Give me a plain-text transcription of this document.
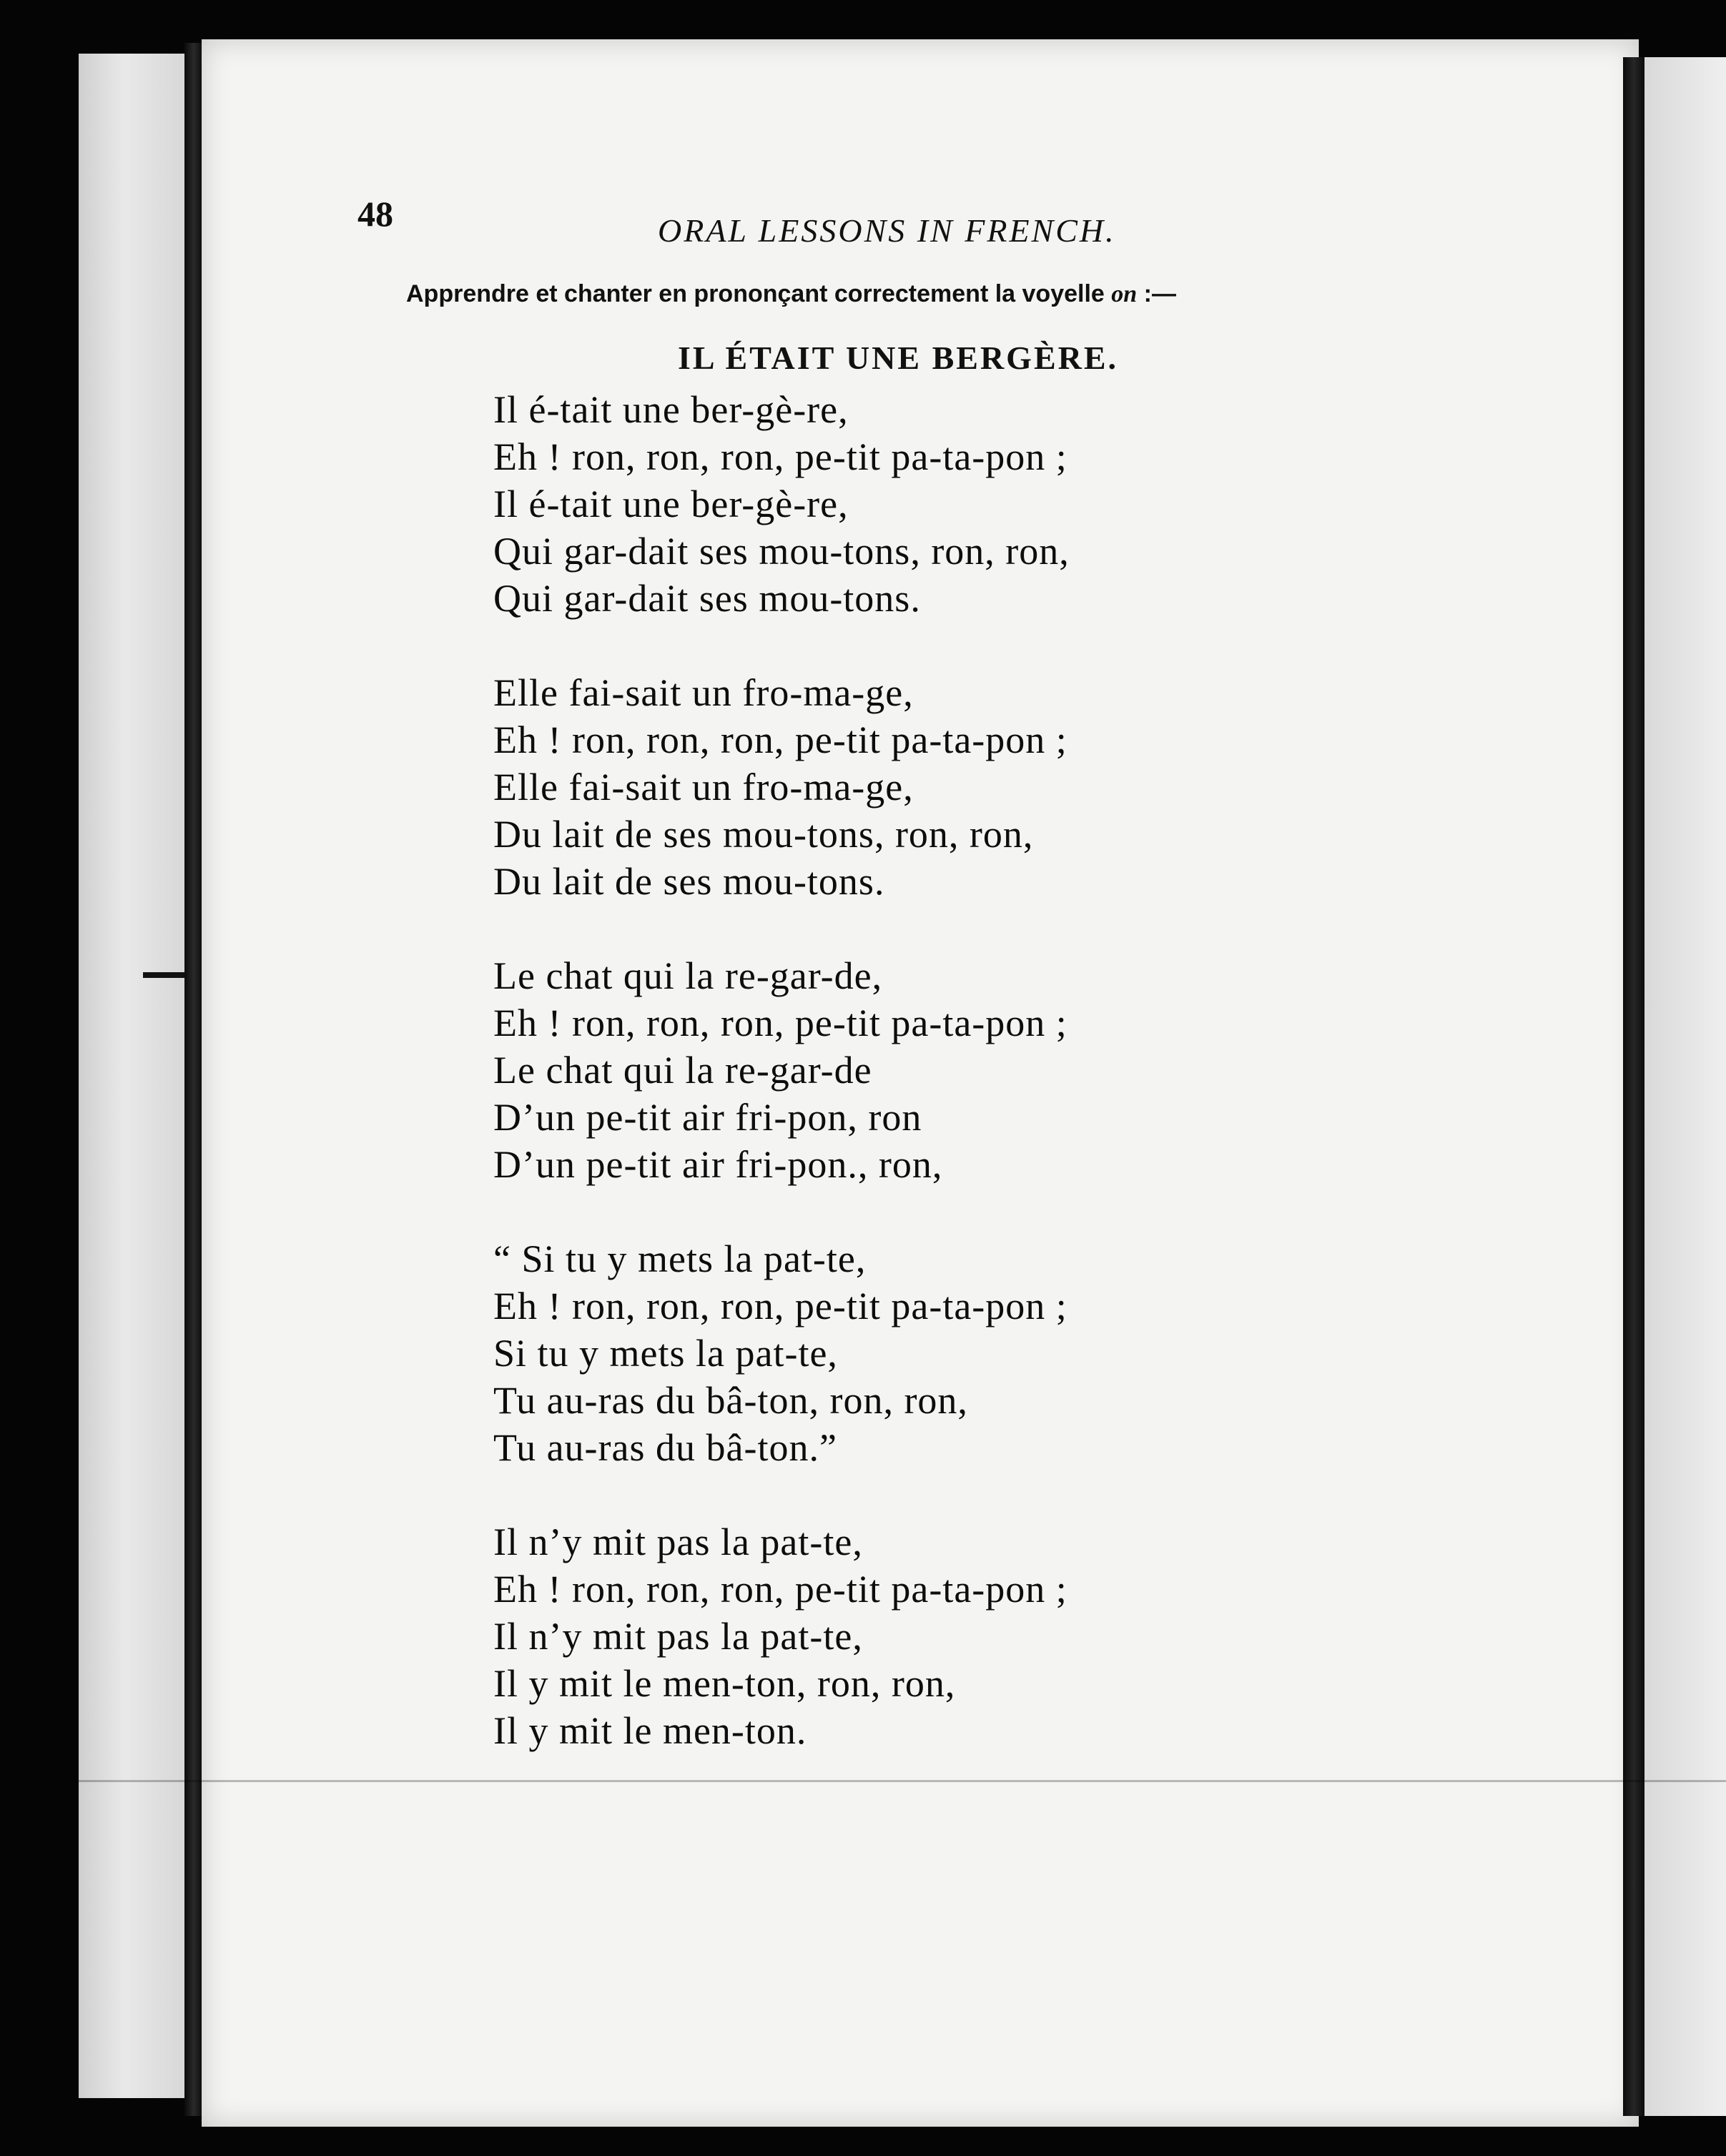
48	ORAL LESSONS IN FRENCH.
Apprendre et chanter en prononçant correctement la voyelle on :—
IL ÉTAIT UNE BERGÈRE.
Il é-tait une ber-gè-re,
Eh ! ron, ron, ron, pe-tit pa-ta-pon ;
Il é-tait une ber-gè-re,
Qui gar-dait ses mou-tons, ron, ron,
Qui gar-dait ses mou-tons.
Elle fai-sait un fro-ma-ge,
Eh ! ron, ron, ron, pe-tit pa-ta-pon ;
Elle fai-sait un fro-ma-ge,
Du lait de ses mou-tons, ron, ron,
Du lait de ses mou-tons.
Le chat qui la re-gar-de,
Eh ! ron, ron, ron, pe-tit pa-ta-pon ;
Le chat qui la re-gar-de
D’un pe-tit air fri-pon, ron
D’un pe-tit air fri-pon., ron,
“ Si tu y mets la pat-te,
Eh ! ron, ron, ron, pe-tit pa-ta-pon ;
Si tu y mets la pat-te,
Tu au-ras du bâ-ton, ron, ron,
Tu au-ras du bâ-ton.”
Il n’y mit pas la pat-te,
Eh ! ron, ron, ron, pe-tit pa-ta-pon ;
Il n’y mit pas la pat-te,
Il y mit le men-ton, ron, ron,
Il y mit le men-ton.
